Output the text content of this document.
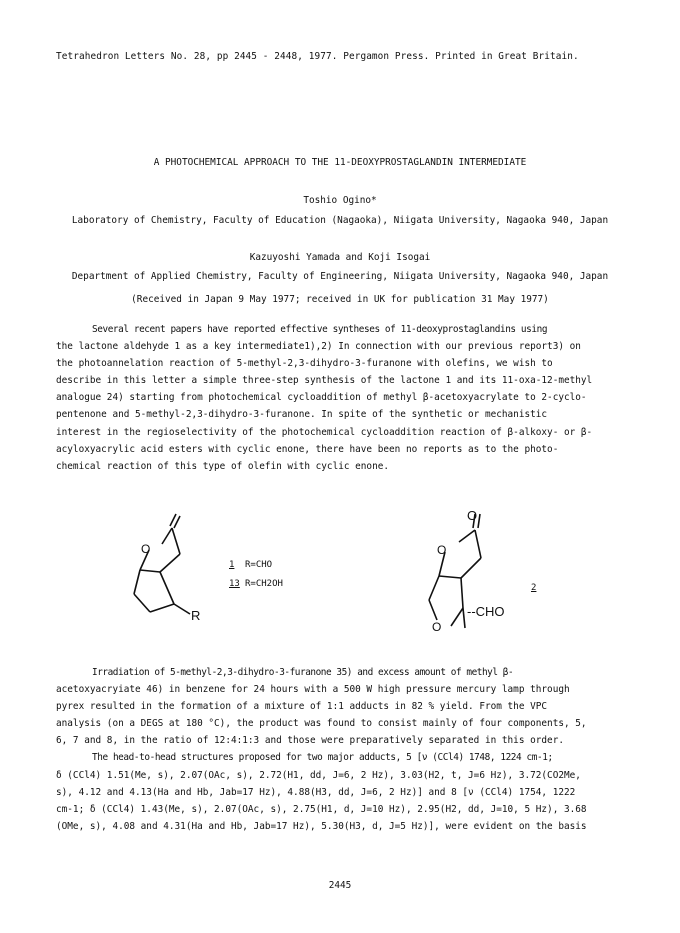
Tetrahedron Letters No. 28, pp 2445 - 2448, 1977. Pergamon Press. Printed in Great Britain.
A PHOTOCHEMICAL APPROACH TO THE 11-DEOXYPROSTAGLANDIN INTERMEDIATE
Toshio Ogino*
Laboratory of Chemistry, Faculty of Education (Nagaoka), Niigata University, Nagaoka 940, Japan
Kazuyoshi Yamada and Koji Isogai
Department of Applied Chemistry, Faculty of Engineering, Niigata University, Nagaoka 940, Japan
(Received in Japan 9 May 1977; received in UK for publication 31 May 1977)
Several recent papers have reported effective syntheses of 11-deoxyprostaglandins using
the lactone aldehyde 1 as a key intermediate1),2) In connection with our previous report3) on
the photoannelation reaction of 5-methyl-2,3-dihydro-3-furanone with olefins, we wish to
describe in this letter a simple three-step synthesis of the lactone 1 and its 11-oxa-12-methyl
analogue 24) starting from photochemical cycloaddition of methyl β-acetoxyacrylate to 2-cyclo-
pentenone and 5-methyl-2,3-dihydro-3-furanone. In spite of the synthetic or mechanistic
interest in the regioselectivity of the photochemical cycloaddition reaction of β-alkoxy- or β-
acyloxyacrylic acid esters with cyclic enone, there have been no reports as to the photo-
chemical reaction of this type of olefin with cyclic enone.
O
R
1 R=CHO
13 R=CH2OH
O
O
O
--CHO
2
Irradiation of 5-methyl-2,3-dihydro-3-furanone 35) and excess amount of methyl β-
acetoxyacryiate 46) in benzene for 24 hours with a 500 W high pressure mercury lamp through
pyrex resulted in the formation of a mixture of 1:1 adducts in 82 % yield. From the VPC
analysis (on a DEGS at 180 °C), the product was found to consist mainly of four components, 5,
6, 7 and 8, in the ratio of 12:4:1:3 and those were preparatively separated in this order.
The head-to-head structures proposed for two major adducts, 5 [ν (CCl4) 1748, 1224 cm-1;
δ (CCl4) 1.51(Me, s), 2.07(OAc, s), 2.72(H1, dd, J=6, 2 Hz), 3.03(H2, t, J=6 Hz), 3.72(CO2Me,
s), 4.12 and 4.13(Ha and Hb, Jab=17 Hz), 4.88(H3, dd, J=6, 2 Hz)] and 8 [ν (CCl4) 1754, 1222
cm-1; δ (CCl4) 1.43(Me, s), 2.07(OAc, s), 2.75(H1, d, J=10 Hz), 2.95(H2, dd, J=10, 5 Hz), 3.68
(OMe, s), 4.08 and 4.31(Ha and Hb, Jab=17 Hz), 5.30(H3, d, J=5 Hz)], were evident on the basis
2445
